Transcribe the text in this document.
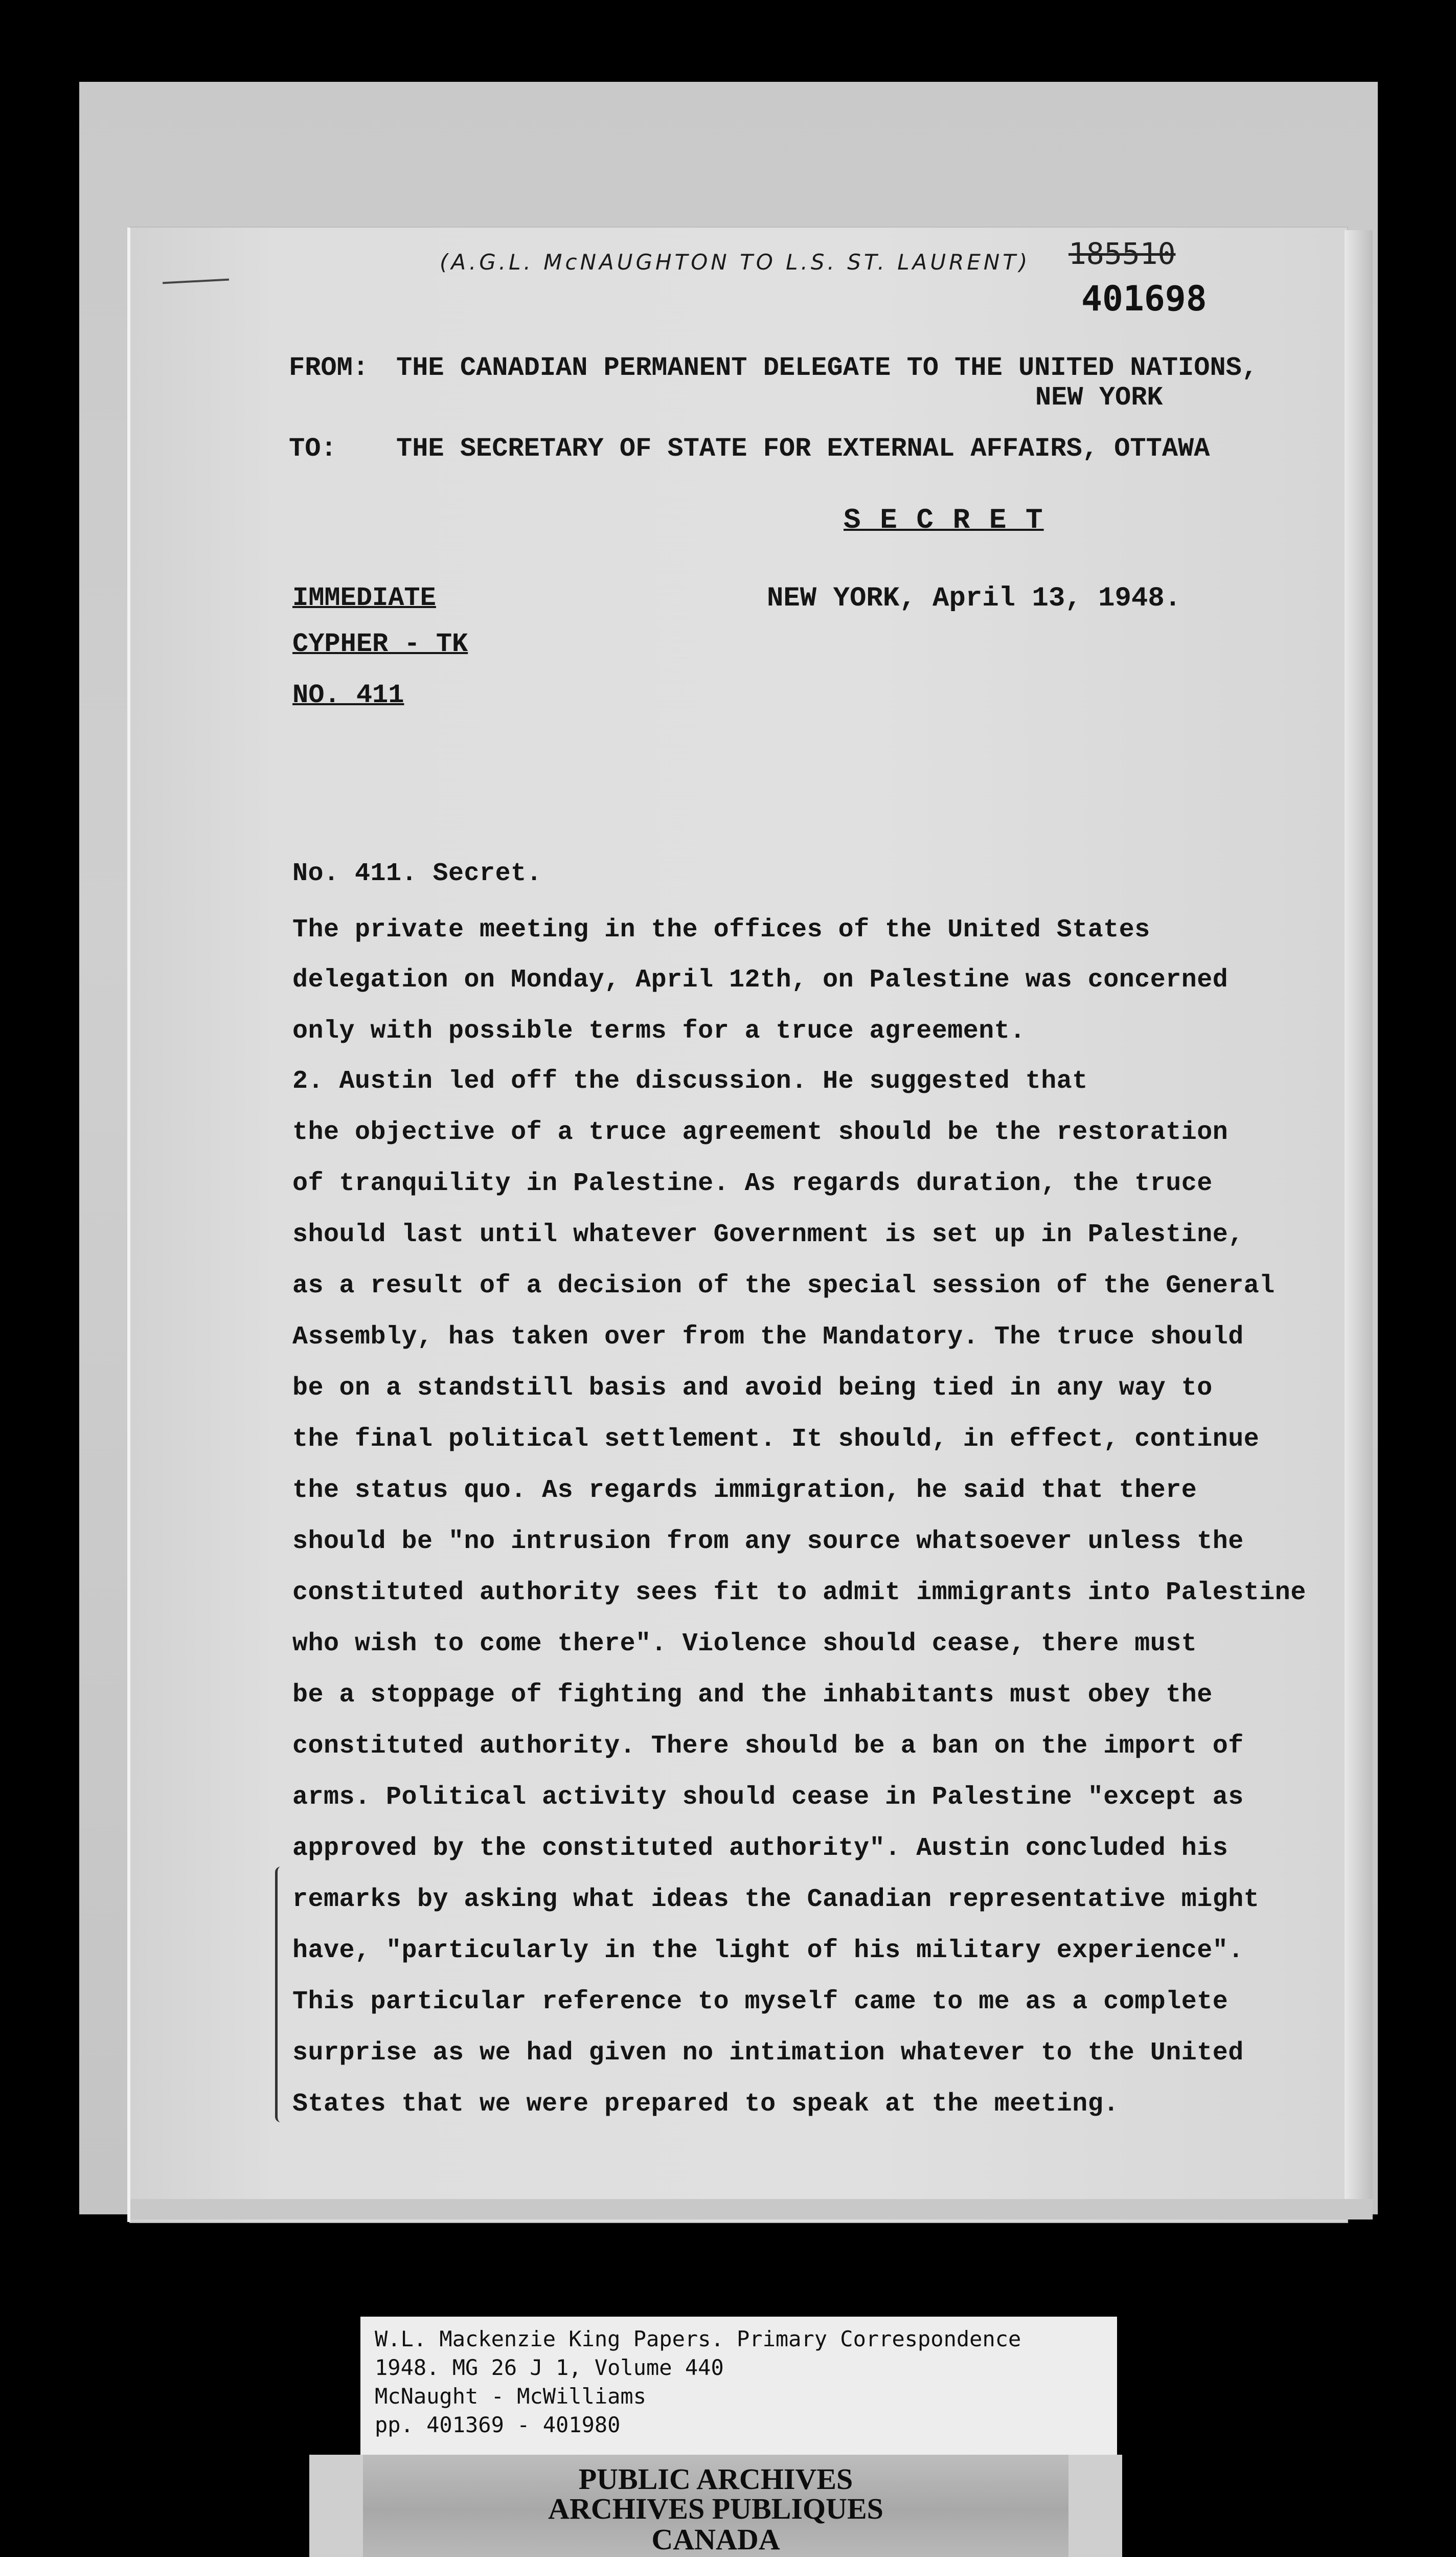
(A.G.L. McNAUGHTON TO L.S. ST. LAURENT) 185510
401698
FROM: THE CANADIAN PERMANENT DELEGATE TO THE UNITED NATIONS,
NEW YORK
TO: THE SECRETARY OF STATE FOR EXTERNAL AFFAIRS, OTTAWA
S E C R E T
IMMEDIATE	NEW YORK, April 13, 1948.
CYPHER - TK
NO. 411
No. 411. Secret.
The private meeting in the offices of the United States
delegation on Monday, April 12th, on Palestine was concerned
only with possible terms for a truce agreement.
2. Austin led off the discussion. He suggested that
the objective of a truce agreement should be the restoration
of tranquility in Palestine. As regards duration, the truce
should last until whatever Government is set up in Palestine,
as a result of a decision of the special session of the General
Assembly, has taken over from the Mandatory. The truce should
be on a standstill basis and avoid being tied in any way to
the final political settlement. It should, in effect, continue
the status quo. As regards immigration, he said that there
should be "no intrusion from any source whatsoever unless the
constituted authority sees fit to admit immigrants into Palestine
who wish to come there". Violence should cease, there must
be a stoppage of fighting and the inhabitants must obey the
constituted authority. There should be a ban on the import of
arms. Political activity should cease in Palestine "except as
approved by the constituted authority". Austin concluded his
remarks by asking what ideas the Canadian representative might
have, "particularly in the light of his military experience".
This particular reference to myself came to me as a complete
surprise as we had given no intimation whatever to the United
States that we were prepared to speak at the meeting.
W.L. Mackenzie King Papers. Primary Correspondence
1948. MG 26 J 1, Volume 440
McNaught - McWilliams
pp. 401369 - 401980
PUBLIC ARCHIVES
ARCHIVES PUBLIQUES
CANADA
